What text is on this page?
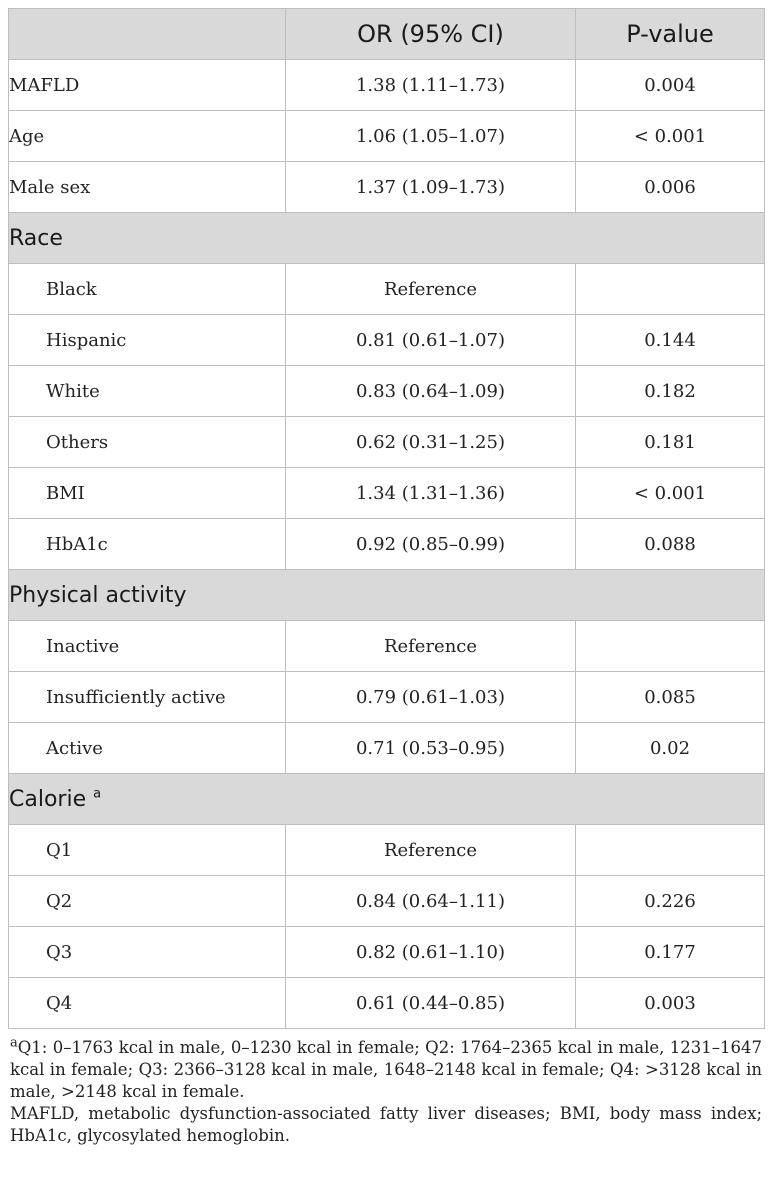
	OR (95% CI)	P-value
MAFLD	1.38 (1.11–1.73)	0.004
Age	1.06 (1.05–1.07)	< 0.001
Male sex	1.37 (1.09–1.73)	0.006
Race		
Black	Reference	
Hispanic	0.81 (0.61–1.07)	0.144
White	0.83 (0.64–1.09)	0.182
Others	0.62 (0.31–1.25)	0.181
BMI	1.34 (1.31–1.36)	< 0.001
HbA1c	0.92 (0.85–0.99)	0.088
Physical activity		
Inactive	Reference	
Insufficiently active	0.79 (0.61–1.03)	0.085
Active	0.71 (0.53–0.95)	0.02
Calorie $^a$
Q1	Reference	
Q2	0.84 (0.64–1.11)	0.226
Q3	0.82 (0.61–1.10)	0.177
Q4	0.61 (0.44–0.85)	0.003

$^a$Q1: 0–1763 kcal in male, 0–1230 kcal in female; Q2: 1764–2365 kcal in male, 1231–1647 kcal in female; Q3: 2366–3128 kcal in male, 1648–2148 kcal in female; Q4: >3128 kcal in male, >2148 kcal in female.

MAFLD, metabolic dysfunction-associated fatty liver diseases; BMI, body mass index; HbA1c, glycosylated hemoglobin.
